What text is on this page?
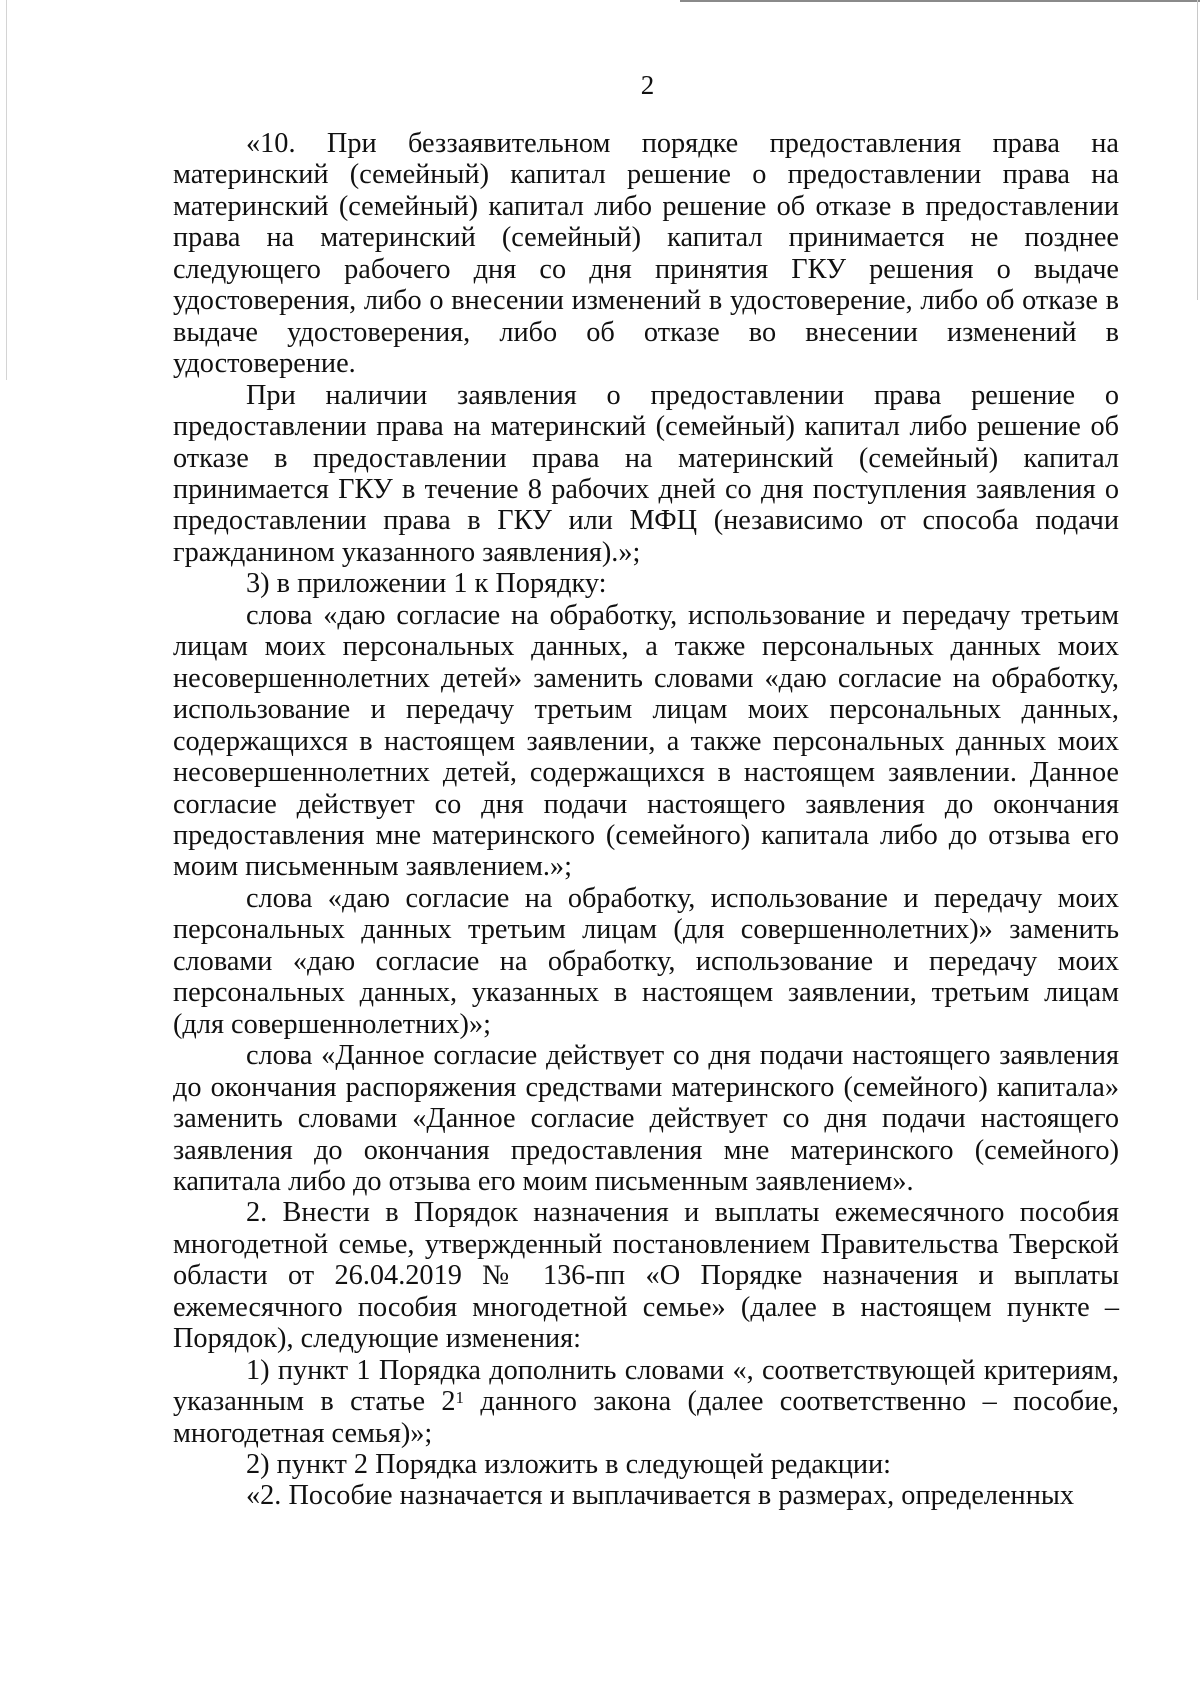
2

«10. При беззаявительном порядке предоставления права на материнский (семейный) капитал решение о предоставлении права на материнский (семейный) капитал либо решение об отказе в предоставлении права на материнский (семейный) капитал принимается не позднее следующего рабочего дня со дня принятия ГКУ решения о выдаче удостоверения, либо о внесении изменений в удостоверение, либо об отказе в выдаче удостоверения, либо об отказе во внесении изменений в удостоверение.

При наличии заявления о предоставлении права решение о предоставлении права на материнский (семейный) капитал либо решение об отказе в предоставлении права на материнский (семейный) капитал принимается ГКУ в течение 8 рабочих дней со дня поступления заявления о предоставлении права в ГКУ или МФЦ (независимо от способа подачи гражданином указанного заявления).»;

3) в приложении 1 к Порядку:

слова «даю согласие на обработку, использование и передачу третьим лицам моих персональных данных, а также персональных данных моих несовершеннолетних детей» заменить словами «даю согласие на обработку, использование и передачу третьим лицам моих персональных данных, содержащихся в настоящем заявлении, а также персональных данных моих несовершеннолетних детей, содержащихся в настоящем заявлении. Данное согласие действует со дня подачи настоящего заявления до окончания предоставления мне материнского (семейного) капитала либо до отзыва его моим письменным заявлением.»;

слова «даю согласие на обработку, использование и передачу моих персональных данных третьим лицам (для совершеннолетних)» заменить словами «даю согласие на обработку, использование и передачу моих персональных данных, указанных в настоящем заявлении, третьим лицам (для совершеннолетних)»;

слова «Данное согласие действует со дня подачи настоящего заявления до окончания распоряжения средствами материнского (семейного) капитала» заменить словами «Данное согласие действует со дня подачи настоящего заявления до окончания предоставления мне материнского (семейного) капитала либо до отзыва его моим письменным заявлением».

2. Внести в Порядок назначения и выплаты ежемесячного пособия многодетной семье, утвержденный постановлением Правительства Тверской области от 26.04.2019 № 136-пп «О Порядке назначения и выплаты ежемесячного пособия многодетной семье» (далее в настоящем пункте – Порядок), следующие изменения:

1) пункт 1 Порядка дополнить словами «, соответствующей критериям, указанным в статье $2^1$ данного закона (далее соответственно – пособие, многодетная семья)»;

2) пункт 2 Порядка изложить в следующей редакции:

«2. Пособие назначается и выплачивается в размерах, определенных
